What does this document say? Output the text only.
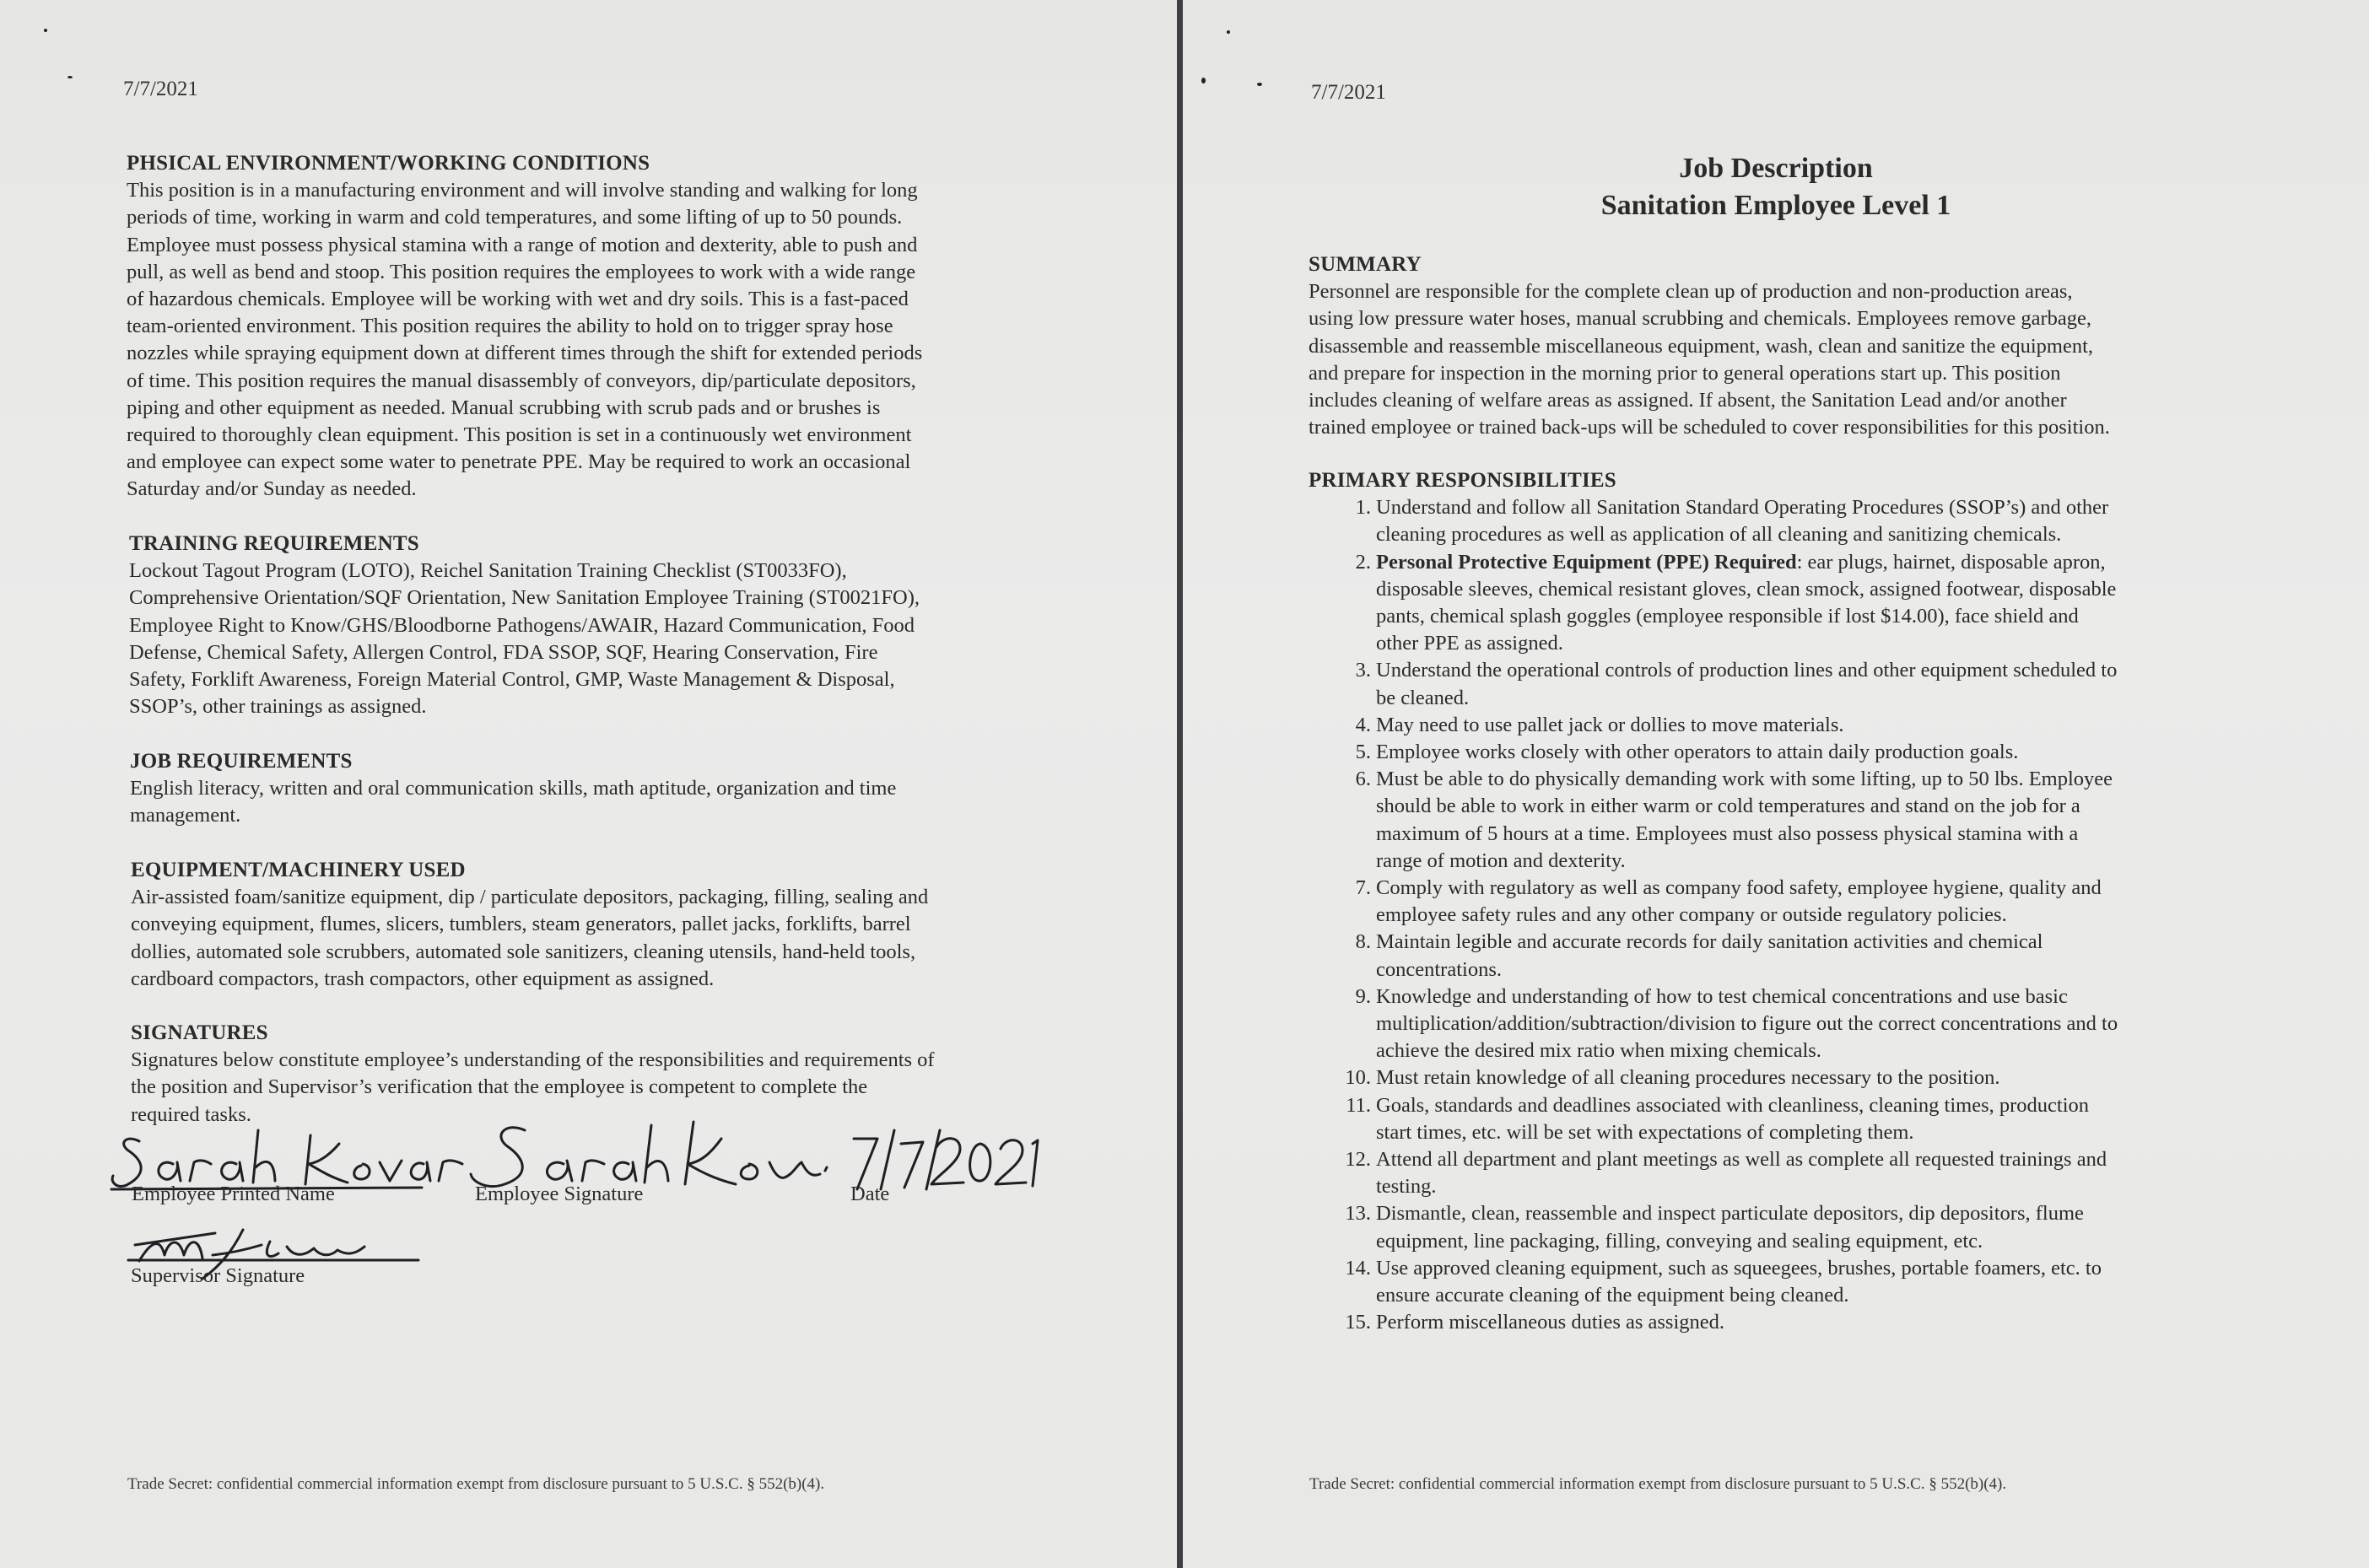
7/7/2021
PHSICAL ENVIRONMENT/WORKING CONDITIONS
This position is in a manufacturing environment and will involve standing and walking for long
periods of time, working in warm and cold temperatures, and some lifting of up to 50 pounds.
Employee must possess physical stamina with a range of motion and dexterity, able to push and
pull, as well as bend and stoop. This position requires the employees to work with a wide range
of hazardous chemicals. Employee will be working with wet and dry soils. This is a fast-paced
team-oriented environment. This position requires the ability to hold on to trigger spray hose
nozzles while spraying equipment down at different times through the shift for extended periods
of time. This position requires the manual disassembly of conveyors, dip/particulate depositors,
piping and other equipment as needed. Manual scrubbing with scrub pads and or brushes is
required to thoroughly clean equipment. This position is set in a continuously wet environment
and employee can expect some water to penetrate PPE. May be required to work an occasional
Saturday and/or Sunday as needed.
TRAINING REQUIREMENTS
Lockout Tagout Program (LOTO), Reichel Sanitation Training Checklist (ST0033FO),
Comprehensive Orientation/SQF Orientation, New Sanitation Employee Training (ST0021FO),
Employee Right to Know/GHS/Bloodborne Pathogens/AWAIR, Hazard Communication, Food
Defense, Chemical Safety, Allergen Control, FDA SSOP, SQF, Hearing Conservation, Fire
Safety, Forklift Awareness, Foreign Material Control, GMP, Waste Management & Disposal,
SSOP’s, other trainings as assigned.
JOB REQUIREMENTS
English literacy, written and oral communication skills, math aptitude, organization and time
management.
EQUIPMENT/MACHINERY USED
Air-assisted foam/sanitize equipment, dip / particulate depositors, packaging, filling, sealing and
conveying equipment, flumes, slicers, tumblers, steam generators, pallet jacks, forklifts, barrel
dollies, automated sole scrubbers, automated sole sanitizers, cleaning utensils, hand-held tools,
cardboard compactors, trash compactors, other equipment as assigned.
SIGNATURES
Signatures below constitute employee’s understanding of the responsibilities and requirements of
the position and Supervisor’s verification that the employee is competent to complete the
required tasks.
Employee Printed Name	Employee Signature	Date
Supervisor Signature
Trade Secret: confidential commercial information exempt from disclosure pursuant to 5 U.S.C. § 552(b)(4).
7/7/2021
Job Description
Sanitation Employee Level 1
SUMMARY
Personnel are responsible for the complete clean up of production and non-production areas,
using low pressure water hoses, manual scrubbing and chemicals. Employees remove garbage,
disassemble and reassemble miscellaneous equipment, wash, clean and sanitize the equipment,
and prepare for inspection in the morning prior to general operations start up. This position
includes cleaning of welfare areas as assigned. If absent, the Sanitation Lead and/or another
trained employee or trained back-ups will be scheduled to cover responsibilities for this position.
PRIMARY RESPONSIBILITIES
1. Understand and follow all Sanitation Standard Operating Procedures (SSOP’s) and other
cleaning procedures as well as application of all cleaning and sanitizing chemicals.
2. Personal Protective Equipment (PPE) Required: ear plugs, hairnet, disposable apron,
disposable sleeves, chemical resistant gloves, clean smock, assigned footwear, disposable
pants, chemical splash goggles (employee responsible if lost $14.00), face shield and
other PPE as assigned.
3. Understand the operational controls of production lines and other equipment scheduled to
be cleaned.
4. May need to use pallet jack or dollies to move materials.
5. Employee works closely with other operators to attain daily production goals.
6. Must be able to do physically demanding work with some lifting, up to 50 lbs. Employee
should be able to work in either warm or cold temperatures and stand on the job for a
maximum of 5 hours at a time. Employees must also possess physical stamina with a
range of motion and dexterity.
7. Comply with regulatory as well as company food safety, employee hygiene, quality and
employee safety rules and any other company or outside regulatory policies.
8. Maintain legible and accurate records for daily sanitation activities and chemical
concentrations.
9. Knowledge and understanding of how to test chemical concentrations and use basic
multiplication/addition/subtraction/division to figure out the correct concentrations and to
achieve the desired mix ratio when mixing chemicals.
10. Must retain knowledge of all cleaning procedures necessary to the position.
11. Goals, standards and deadlines associated with cleanliness, cleaning times, production
start times, etc. will be set with expectations of completing them.
12. Attend all department and plant meetings as well as complete all requested trainings and
testing.
13. Dismantle, clean, reassemble and inspect particulate depositors, dip depositors, flume
equipment, line packaging, filling, conveying and sealing equipment, etc.
14. Use approved cleaning equipment, such as squeegees, brushes, portable foamers, etc. to
ensure accurate cleaning of the equipment being cleaned.
15. Perform miscellaneous duties as assigned.
Trade Secret: confidential commercial information exempt from disclosure pursuant to 5 U.S.C. § 552(b)(4).
